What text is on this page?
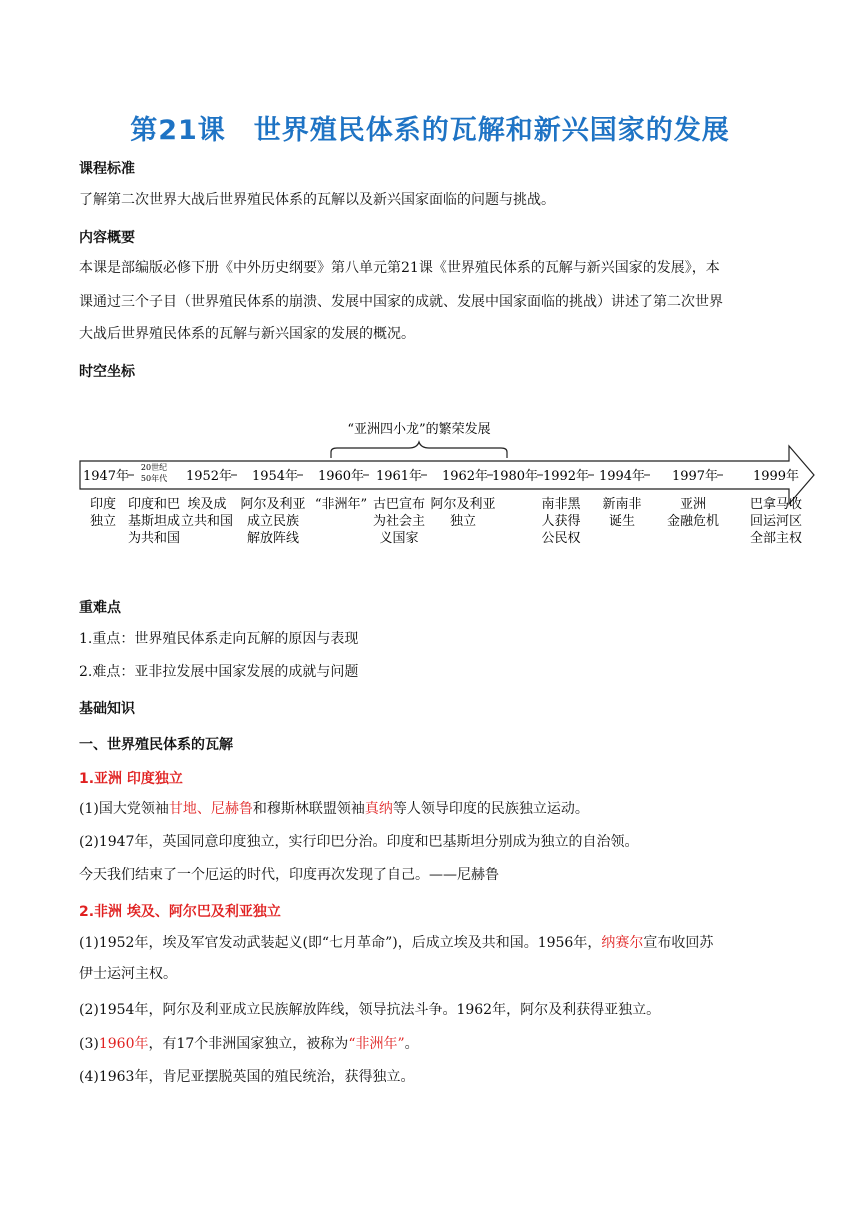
第21课　世界殖民体系的瓦解和新兴国家的发展
课程标准
了解第二次世界大战后世界殖民体系的瓦解以及新兴国家面临的问题与挑战。
内容概要
本课是部编版必修下册《中外历史纲要》第八单元第21课《世界殖民体系的瓦解与新兴国家的发展》，本
课通过三个子目（世界殖民体系的崩溃、发展中国家的成就、发展中国家面临的挑战）讲述了第二次世界
大战后世界殖民体系的瓦解与新兴国家的发展的概况。
时空坐标
“亚洲四小龙”的繁荣发展
1947年	1952年 1954年 1960年 1961年 1962年 1980年 1992年 1994年 1997年	1999年
20世纪
50年代
印度
独立
印度和巴
基斯坦成
为共和国
埃及成
立共和国
阿尔及利亚
成立民族
解放阵线
“非洲年” 古巴宣布
为社会主
义国家
阿尔及利亚
独立
南非黑
人获得
公民权
新南非
诞生
亚洲
金融危机
巴拿马收
回运河区
全部主权
重难点
1.重点：世界殖民体系走向瓦解的原因与表现
2.难点：亚非拉发展中国家发展的成就与问题
基础知识
一、世界殖民体系的瓦解
1.亚洲 印度独立
(1)国大党领袖甘地、尼赫鲁和穆斯林联盟领袖真纳等人领导印度的民族独立运动。
(2)1947年，英国同意印度独立，实行印巴分治。印度和巴基斯坦分别成为独立的自治领。
今天我们结束了一个厄运的时代，印度再次发现了自己。——尼赫鲁
2.非洲 埃及、阿尔巴及利亚独立
(1)1952年，埃及军官发动武装起义(即“七月革命”)，后成立埃及共和国。1956年，纳赛尔宣布收回苏
伊士运河主权。
(2)1954年，阿尔及利亚成立民族解放阵线，领导抗法斗争。1962年，阿尔及利获得亚独立。
(3)1960年，有17个非洲国家独立，被称为“非洲年”。
(4)1963年，肯尼亚摆脱英国的殖民统治，获得独立。
